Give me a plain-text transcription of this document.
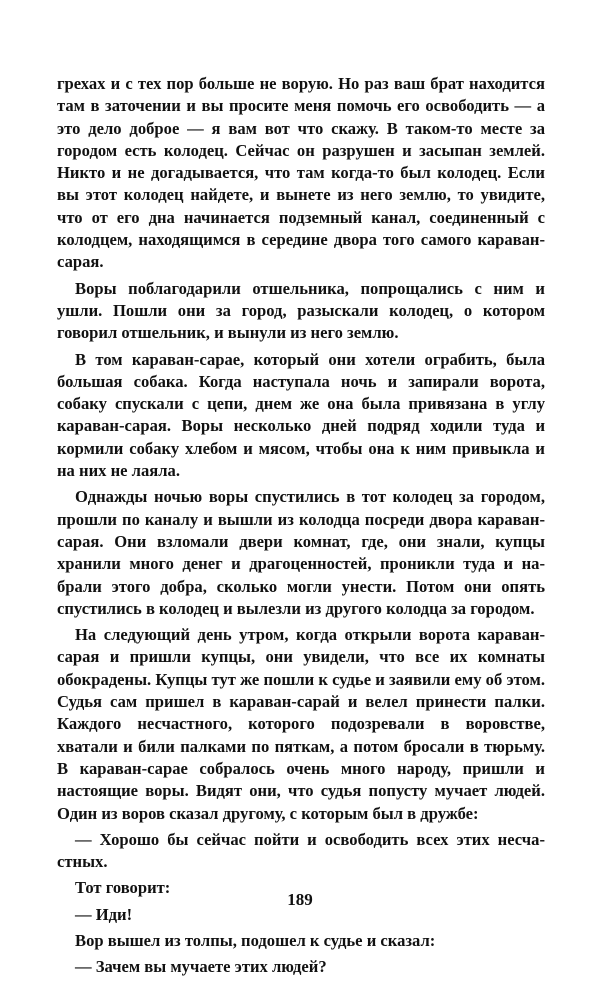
грехах и с тех пор больше не ворую. Но раз ваш брат находится там в заточении и вы просите меня помочь его освободить — а это дело доброе — я вам вот что скажу. В таком-то месте за городом есть колодец. Сейчас он разрушен и засыпан землей. Никто и не догадывается, что там когда-то был колодец. Если вы этот колодец найдете, и вынете из него землю, то увидите, что от его дна начинается подземный канал, соединенный с колодцем, находящимся в середине двора того самого караван-сарая.

Воры поблагодарили отшельника, попрощались с ним и ушли. Пошли они за город, разыскали колодец, о котором говорил отшельник, и вынули из него землю.

В том караван-сарае, который они хотели ограбить, была большая собака. Когда наступала ночь и запирали ворота, собаку спускали с цепи, днем же она была привязана в углу караван-сарая. Воры несколько дней подряд ходили туда и кормили собаку хлебом и мясом, чтобы она к ним привыкла и на них не лаяла.

Однажды ночью воры спустились в тот колодец за городом, прошли по каналу и вышли из колодца посреди двора караван-сарая. Они взломали двери комнат, где, они знали, купцы хранили много денег и драгоценностей, проникли туда и набрали этого добра, сколько могли унести. Потом они опять спустились в колодец и вылезли из другого колодца за городом.

На следующий день утром, когда открыли ворота каравансарая и пришли купцы, они увидели, что все их комнаты обокрадены. Купцы тут же пошли к судье и заявили ему об этом. Судья сам пришел в караван-сарай и велел принести палки. Каждого несчастного, которого подозревали в воровстве, хватали и били палками по пяткам, а потом бросали в тюрьму. В караван-сарае собралось очень много народу, пришли и настоящие воры. Видят они, что судья попусту мучает людей. Один из воров сказал другому, с которым был в дружбе:

— Хорошо бы сейчас пойти и освободить всех этих несчастных.

Тот говорит:

— Иди!

Вор вышел из толпы, подошел к судье и сказал:

— Зачем вы мучаете этих людей?

189
